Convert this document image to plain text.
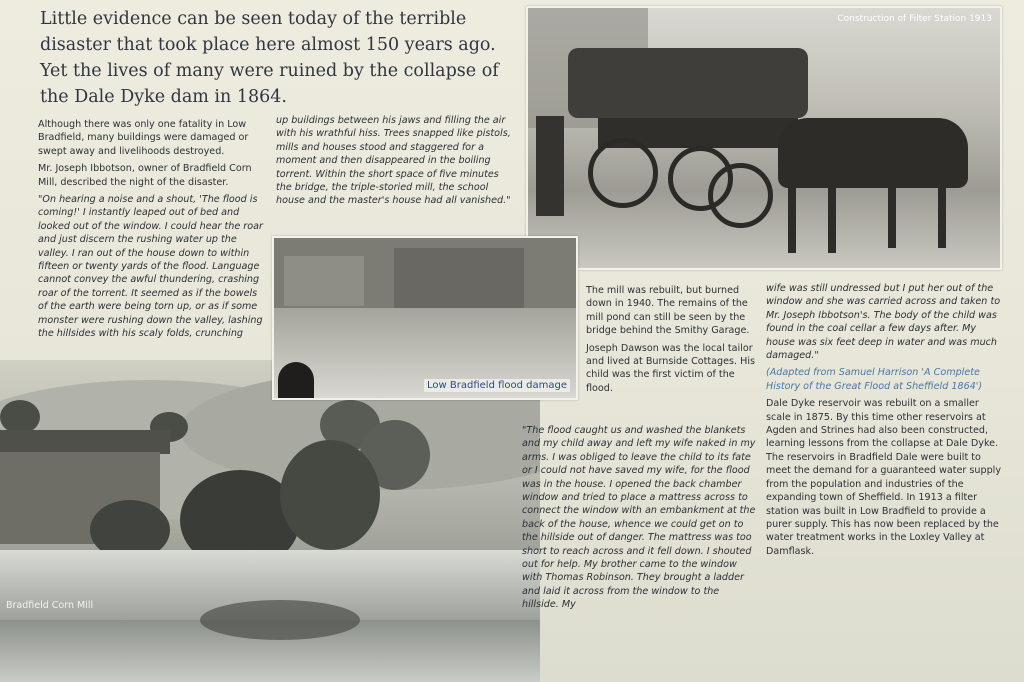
Bradfield Corn Mill
Little evidence can be seen today of the terrible disaster that took place here almost 150 years ago. Yet the lives of many were ruined by the collapse of the Dale Dyke dam in 1864.

Although there was only one fatality in Low Bradfield, many buildings were damaged or swept away and livelihoods destroyed.

Mr. Joseph Ibbotson, owner of Bradfield Corn Mill, described the night of the disaster.

"On hearing a noise and a shout, 'The flood is coming!' I instantly leaped out of bed and looked out of the window. I could hear the roar and just discern the rushing water up the valley. I ran out of the house down to within fifteen or twenty yards of the flood. Language cannot convey the awful thundering, crashing roar of the torrent. It seemed as if the bowels of the earth were being torn up, or as if some monster were rushing down the valley, lashing the hillsides with his scaly folds, crunching

up buildings between his jaws and filling the air with his wrathful hiss. Trees snapped like pistols, mills and houses stood and staggered for a moment and then disappeared in the boiling torrent. Within the short space of five minutes the bridge, the triple-storied mill, the school house and the master's house had all vanished."

Construction of Filter Station 1913
Low Bradfield flood damage

The mill was rebuilt, but burned down in 1940. The remains of the mill pond can still be seen by the bridge behind the Smithy Garage.

Joseph Dawson was the local tailor and lived at Burnside Cottages. His child was the first victim of the flood.

"The flood caught us and washed the blankets and my child away and left my wife naked in my arms. I was obliged to leave the child to its fate or I could not have saved my wife, for the flood was in the house. I opened the back chamber window and tried to place a mattress across to connect the window with an embankment at the back of the house, whence we could get on to the hillside out of danger. The mattress was too short to reach across and it fell down. I shouted out for help. My brother came to the window with Thomas Robinson. They brought a ladder and laid it across from the window to the hillside. My

wife was still undressed but I put her out of the window and she was carried across and taken to Mr. Joseph Ibbotson's. The body of the child was found in the coal cellar a few days after. My house was six feet deep in water and was much damaged."

(Adapted from Samuel Harrison 'A Complete History of the Great Flood at Sheffield 1864')

Dale Dyke reservoir was rebuilt on a smaller scale in 1875. By this time other reservoirs at Agden and Strines had also been constructed, learning lessons from the collapse at Dale Dyke. The reservoirs in Bradfield Dale were built to meet the demand for a guaranteed water supply from the population and industries of the expanding town of Sheffield. In 1913 a filter station was built in Low Bradfield to provide a purer supply. This has now been replaced by the water treatment works in the Loxley Valley at Damflask.
